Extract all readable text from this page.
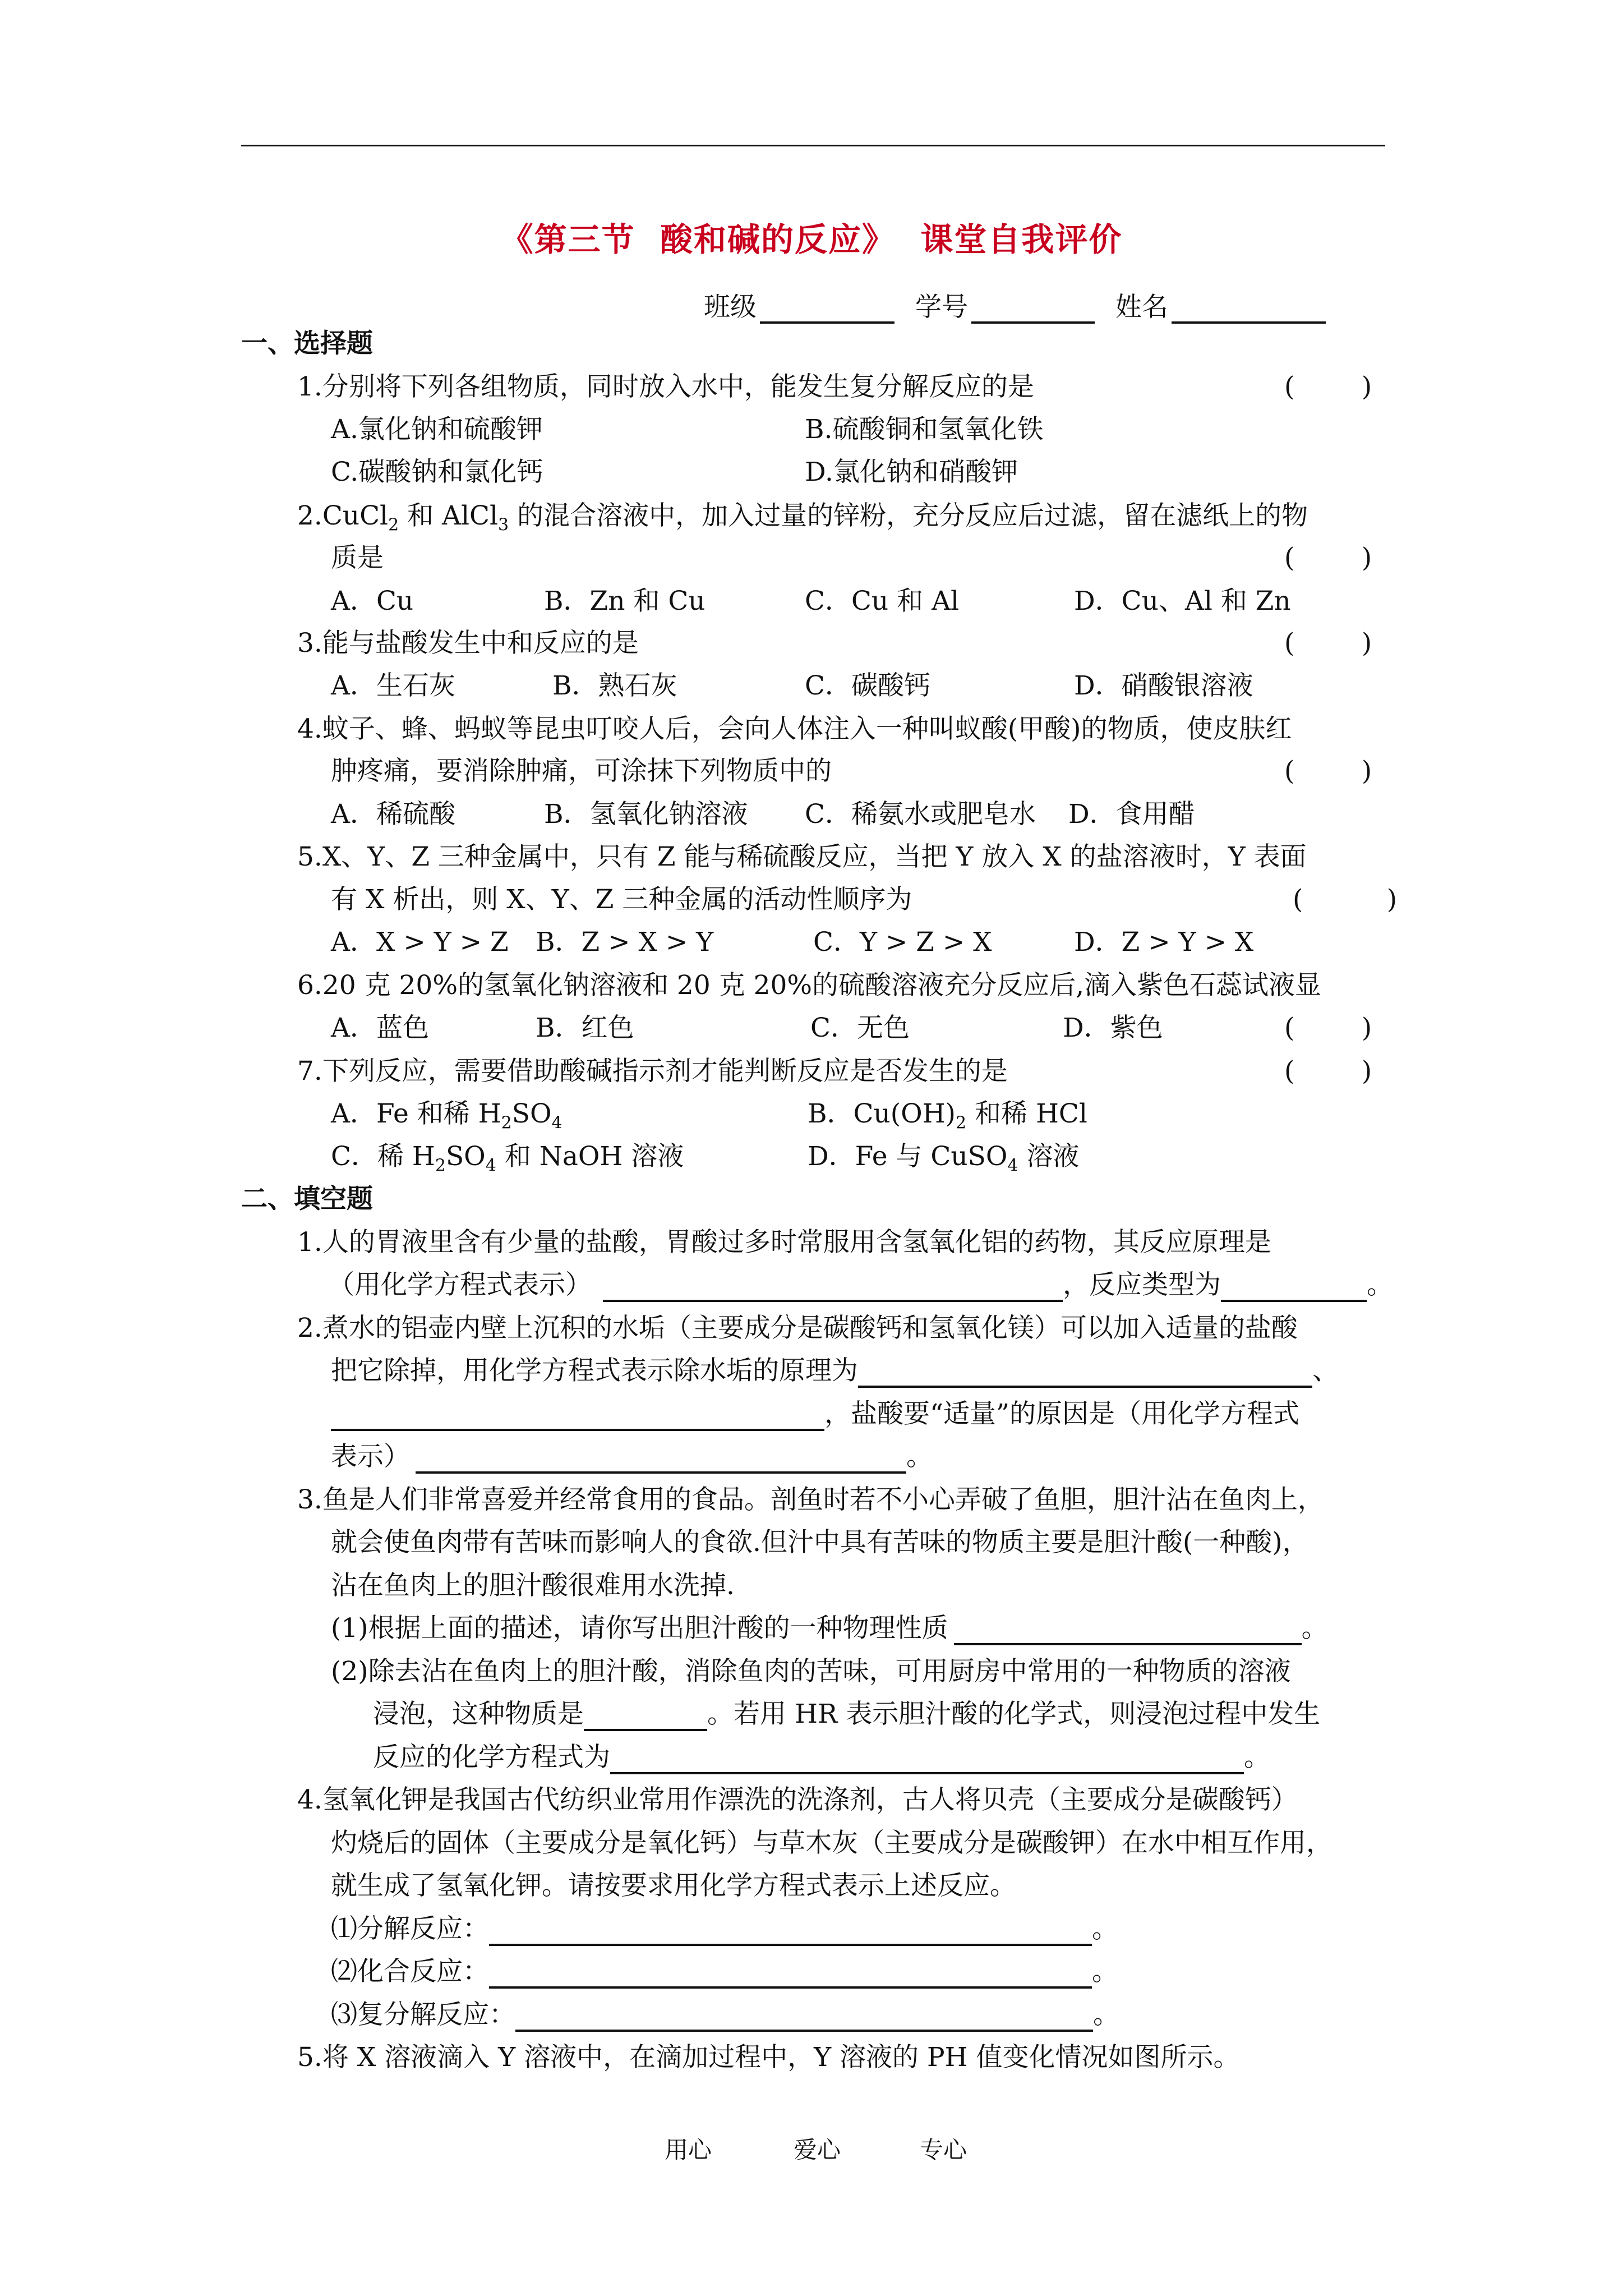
《第三节  酸和碱的反应》  课堂自我评价
班级	学号	姓名
一、选择题
1.分别将下列各组物质，同时放入水中，能发生复分解反应的是	(        )
A.氯化钠和硫酸钾	B.硫酸铜和氢氧化铁
C.碳酸钠和氯化钙	D.氯化钠和硝酸钾
2.CuCl$_2$ 和 AlCl$_3$ 的混合溶液中，加入过量的锌粉，充分反应后过滤，留在滤纸上的物
质是	(        )
A．Cu	B．Zn 和 Cu	C．Cu 和 Al	D．Cu、Al 和 Zn
3.能与盐酸发生中和反应的是	(        )
A．生石灰	B．熟石灰	C．碳酸钙	D．硝酸银溶液
4.蚊子、蜂、蚂蚁等昆虫叮咬人后，会向人体注入一种叫蚁酸(甲酸)的物质，使皮肤红
肿疼痛，要消除肿痛，可涂抹下列物质中的	(        )
A．稀硫酸	B．氢氧化钠溶液 C．稀氨水或肥皂水 D．食用醋
5.X、Y、Z 三种金属中，只有 Z 能与稀硫酸反应，当把 Y 放入 X 的盐溶液时，Y 表面
有 X 析出，则 X、Y、Z 三种金属的活动性顺序为	(          )
A．X > Y > Z B．Z > X > Y	C．Y > Z > X	D．Z > Y > X
6.20 克 20%的氢氧化钠溶液和 20 克 20%的硫酸溶液充分反应后,滴入紫色石蕊试液显
A．蓝色	B．红色	C．无色	D．紫色	(        )
7.下列反应，需要借助酸碱指示剂才能判断反应是否发生的是	(        )
A．Fe 和稀 $H_2SO_4$	B．$Cu(OH)_2$ 和稀 HCl
C．稀 $H_2SO_4$ 和 NaOH 溶液	D．Fe 与 CuSO$_4$ 溶液
二、填空题
1.人的胃液里含有少量的盐酸，胃酸过多时常服用含氢氧化铝的药物，其反应原理是
（用化学方程式表示）	，反应类型为	。
2.煮水的铝壶内壁上沉积的水垢（主要成分是碳酸钙和氢氧化镁）可以加入适量的盐酸
把它除掉，用化学方程式表示除水垢的原理为	、
，盐酸要“适量”的原因是（用化学方程式
表示）	。
3.鱼是人们非常喜爱并经常食用的食品。剖鱼时若不小心弄破了鱼胆，胆汁沾在鱼肉上，
就会使鱼肉带有苦味而影响人的食欲.但汁中具有苦味的物质主要是胆汁酸(一种酸)，
沾在鱼肉上的胆汁酸很难用水洗掉.
(1)根据上面的描述，请你写出胆汁酸的一种物理性质	。
(2)除去沾在鱼肉上的胆汁酸，消除鱼肉的苦味，可用厨房中常用的一种物质的溶液
浸泡，这种物质是	。若用 HR 表示胆汁酸的化学式，则浸泡过程中发生
反应的化学方程式为	。
4.氢氧化钾是我国古代纺织业常用作漂洗的洗涤剂，古人将贝壳（主要成分是碳酸钙）
灼烧后的固体（主要成分是氧化钙）与草木灰（主要成分是碳酸钾）在水中相互作用，
就生成了氢氧化钾。请按要求用化学方程式表示上述反应。
⑴分解反应：	。
⑵化合反应：	。
⑶复分解反应：	。
5.将 X 溶液滴入 Y 溶液中，在滴加过程中，Y 溶液的 PH 值变化情况如图所示。
用心	爱心	专心
